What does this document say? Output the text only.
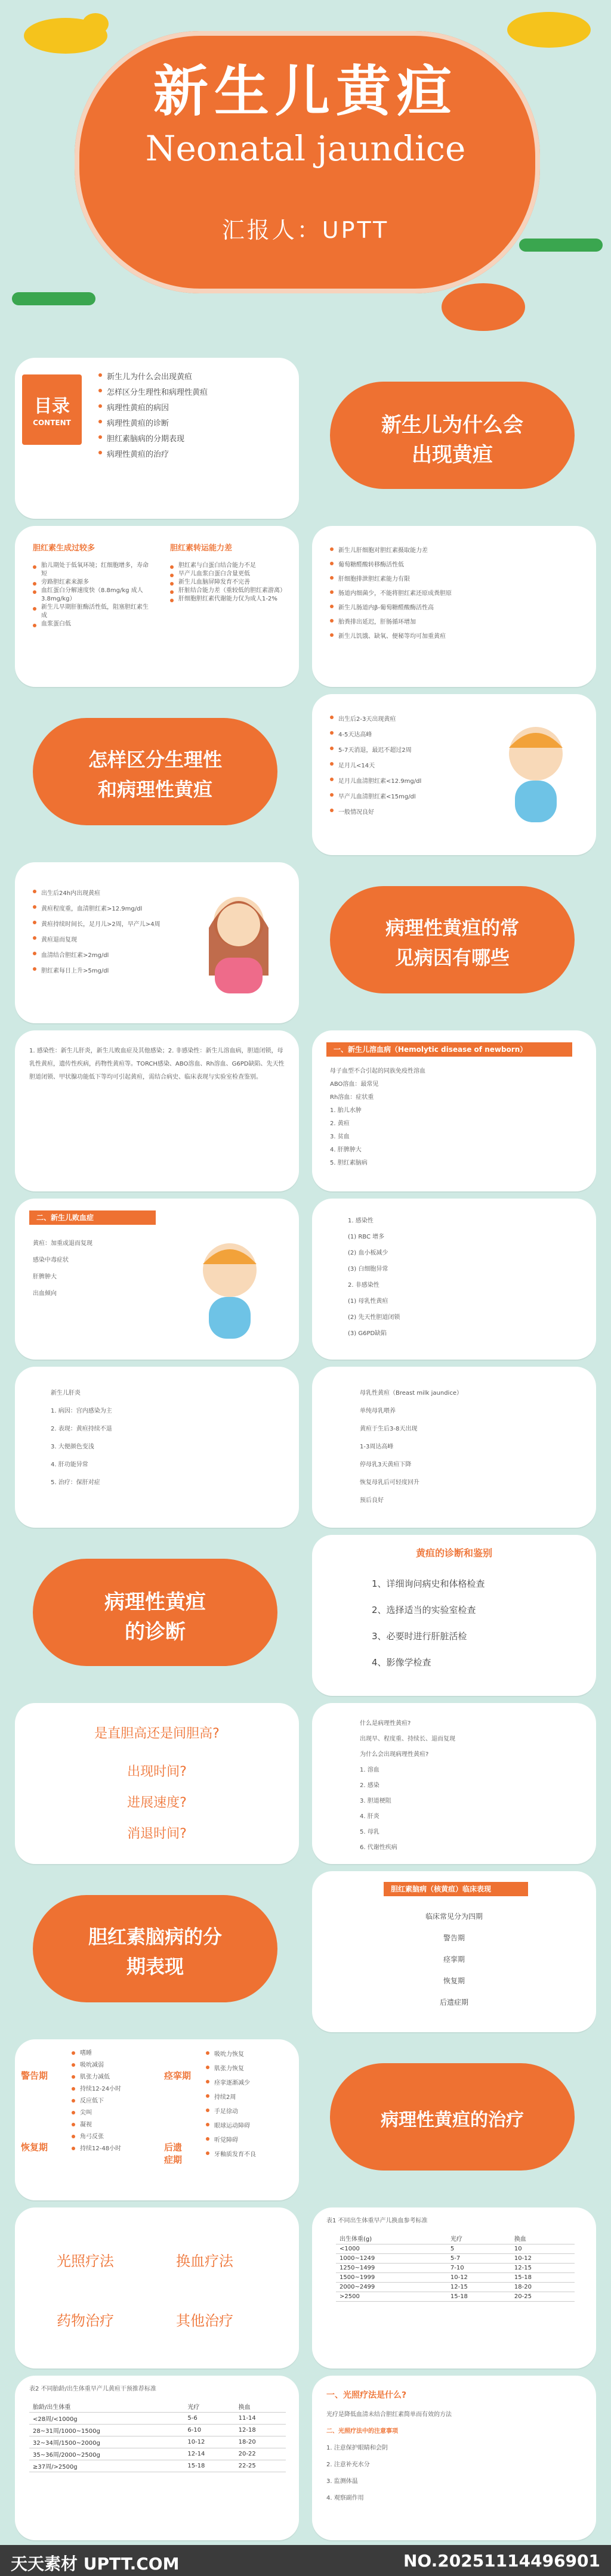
新生儿黄疸
Neonatal jaundice
汇报人：UPTT
目录
CONTENT
新生儿为什么会出现黄疸
怎样区分生理性和病理性黄疸
病理性黄疸的病因
病理性黄疸的诊断
胆红素脑病的分期表现
病理性黄疸的治疗
新生儿为什么会
出现黄疸
胆红素生成过较多	胆红素转运能力差
胎儿期处于低氧环境；红细胞增多，寿命短
旁路胆红素来源多
血红蛋白分解速度快（8.8mg/kg 成人3.8mg/kg）
新生儿早期肝脏酶活性低，阻塞胆红素生成
血浆蛋白低
胆红素与白蛋白结合能力不足
早产儿血浆白蛋白含量更低
新生儿血脑屏障发育不完善
肝脏结合能力差（重较低的胆红素游离）
肝细胞胆红素代谢能力仅为成人1-2%
新生儿肝细胞对胆红素摄取能力差
葡萄糖醛酸转移酶活性低
肝细胞排泄胆红素能力有限
肠道内细菌少，不能将胆红素还原成粪胆原
新生儿肠道内β-葡萄糖醛酸酶活性高
胎粪排出延迟，肝肠循环增加
新生儿饥饿、缺氧、便秘等均可加重黄疸
怎样区分生理性
和病理性黄疸
出生后2-3天出现黄疸
4-5天达高峰
5-7天消退，最迟不超过2周
足月儿<14天
足月儿血清胆红素<12.9mg/dl
早产儿血清胆红素<15mg/dl
一般情况良好
出生后24h内出现黄疸
黄疸程度重，血清胆红素>12.9mg/dl
黄疸持续时间长，足月儿>2周，早产儿>4周
黄疸退而复现
血清结合胆红素>2mg/dl
胆红素每日上升>5mg/dl
病理性黄疸的常
见病因有哪些
1. 感染性：新生儿肝炎，新生儿败血症及其他感染；2. 非感染性：新生儿溶血病，胆道闭锁，母乳性黄疸，遗传性疾病，药物性黄疸等。TORCH感染、ABO溶血、Rh溶血、G6PD缺陷、先天性胆道闭锁、甲状腺功能低下等均可引起黄疸，需结合病史、临床表现与实验室检查鉴别。
一、新生儿溶血病（Hemolytic disease of newborn）
母子血型不合引起的同族免疫性溶血
ABO溶血：最常见
Rh溶血：症状重
1. 胎儿水肿
2. 黄疸
3. 贫血
4. 肝脾肿大
5. 胆红素脑病
二、新生儿败血症
黄疸：加重或退而复现
感染中毒症状
肝脾肿大
出血倾向
1. 感染性
(1) RBC 增多
(2) 血小板减少
(3) 白细胞异常
2. 非感染性
(1) 母乳性黄疸
(2) 先天性胆道闭锁
(3) G6PD缺陷
新生儿肝炎
1. 病因：宫内感染为主
2. 表现：黄疸持续不退
3. 大便颜色变浅
4. 肝功能异常
5. 治疗：保肝对症
母乳性黄疸（Breast milk jaundice）
单纯母乳喂养
黄疸于生后3-8天出现
1-3周达高峰
停母乳3天黄疸下降
恢复母乳后可轻度回升
预后良好
病理性黄疸
的诊断
黄疸的诊断和鉴别
1、详细询问病史和体格检查
2、选择适当的实验室检查
3、必要时进行肝脏活检
4、影像学检查
是直胆高还是间胆高?
出现时间?
进展速度?
消退时间?
什么是病理性黄疸?
出现早、程度重、持续长、退而复现
为什么会出现病理性黄疸?
1. 溶血
2. 感染
3. 胆道梗阻
4. 肝炎
5. 母乳
6. 代谢性疾病
胆红素脑病的分
期表现
胆红素脑病（核黄疸）临床表现
临床常见分为四期
警告期
痉挛期
恢复期
后遗症期
警告期
恢复期
痉挛期
后遗症期
嗜睡
吸吮减弱
肌张力减低
持续12-24小时
反应低下
尖叫
凝视
角弓反张
持续12-48小时
吸吮力恢复
肌张力恢复
痉挛逐渐减少
持续2周
手足徐动
眼球运动障碍
听觉障碍
牙釉质发育不良
病理性黄疸的治疗
光照疗法	换血疗法
药物治疗	其他治疗
表1 不同出生体重早产儿换血参考标准
出生体重(g)	光疗	换血
<1000	5	10
1000~1249	5-7	10-12
1250~1499	7-10	12-15
1500~1999	10-12	15-18
2000~2499	12-15	18-20
>2500	15-18	20-25
表2 不同胎龄/出生体重早产儿黄疸干预推荐标准
胎龄/出生体重	光疗	换血
<28周/<1000g	5-6	11-14
28~31周/1000~1500g	6-10	12-18
32~34周/1500~2000g	10-12	18-20
35~36周/2000~2500g	12-14	20-22
≥37周/>2500g	15-18	22-25
一、光照疗法是什么?
光疗是降低血清未结合胆红素简单而有效的方法
二、光照疗法中的注意事项
1. 注意保护眼睛和会阴
2. 注意补充水分
3. 监测体温
4. 观察副作用
天天素材 UPTT.COM	NO.20251114496901
